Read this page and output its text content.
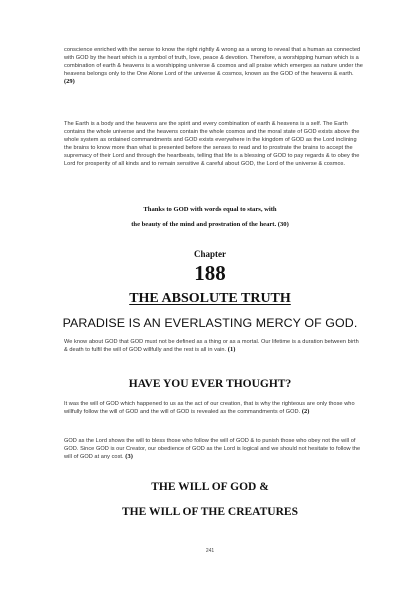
conscience enriched with the sense to know the right rightly & wrong as a wrong to reveal that a human as connected with GOD by the heart which is a symbol of truth, love, peace & devotion. Therefore, a worshipping human which is a combination of earth & heavens is a worshipping universe & cosmos and all praise which emerges as nature under the heavens belongs only to the One Alone Lord of the universe & cosmos, known as the GOD of the heavens & earth. (29)
The Earth is a body and the heavens are the spirit and every combination of earth & heavens is a self. The Earth contains the whole universe and the heavens contain the whole cosmos and the moral state of GOD exists above the whole system as ordained commandments and GOD exists everywhere in the kingdom of GOD as the Lord inclining the brains to know more than what is presented before the senses to read and to prostrate the brains to accept the supremacy of their Lord and through the heartbeats, telling that life is a blessing of GOD to pay regards & to obey the Lord for prosperity of all kinds and to remain sensitive & careful about GOD, the Lord of the universe & cosmos.
Thanks to GOD with words equal to stars, with
the beauty of the mind and prostration of the heart. (30)
Chapter
188
THE ABSOLUTE TRUTH
PARADISE IS AN EVERLASTING MERCY OF GOD.
We know about GOD that GOD must not be defined as a thing or as a mortal. Our lifetime is a duration between birth & death to fulfil the will of GOD willfully and the rest is all in vain. (1)
HAVE YOU EVER THOUGHT?
It was the will of GOD which happened to us as the act of our creation, that is why the righteous are only those who willfully follow the will of GOD and the will of GOD is revealed as the commandments of GOD. (2)
GOD as the Lord shows the will to bless those who follow the will of GOD & to punish those who obey not the will of GOD. Since GOD is our Creator, our obedience of GOD as the Lord is logical and we should not hesitate to follow the will of GOD at any cost. (3)
THE WILL OF GOD &
THE WILL OF THE CREATURES
241
